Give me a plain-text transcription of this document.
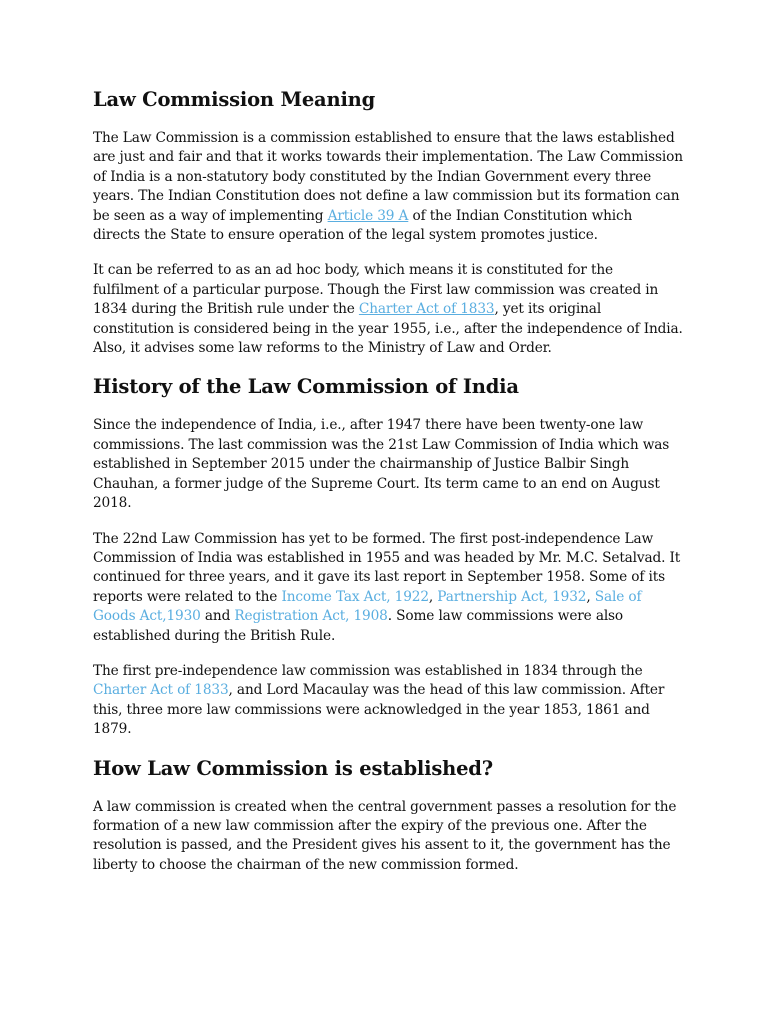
Law Commission Meaning

The Law Commission is a commission established to ensure that the laws established are just and fair and that it works towards their implementation. The Law Commission of India is a non-statutory body constituted by the Indian Government every three years. The Indian Constitution does not define a law commission but its formation can be seen as a way of implementing Article 39 A of the Indian Constitution which directs the State to ensure operation of the legal system promotes justice.

It can be referred to as an ad hoc body, which means it is constituted for the fulfilment of a particular purpose. Though the First law commission was created in 1834 during the British rule under the Charter Act of 1833, yet its original constitution is considered being in the year 1955, i.e., after the independence of India. Also, it advises some law reforms to the Ministry of Law and Order.

History of the Law Commission of India

Since the independence of India, i.e., after 1947 there have been twenty-one law commissions. The last commission was the 21st Law Commission of India which was established in September 2015 under the chairmanship of Justice Balbir Singh Chauhan, a former judge of the Supreme Court. Its term came to an end on August 2018.

The 22nd Law Commission has yet to be formed. The first post-independence Law Commission of India was established in 1955 and was headed by Mr. M.C. Setalvad. It continued for three years, and it gave its last report in September 1958. Some of its reports were related to the Income Tax Act, 1922, Partnership Act, 1932, Sale of Goods Act,1930 and Registration Act, 1908. Some law commissions were also established during the British Rule.

The first pre-independence law commission was established in 1834 through the Charter Act of 1833, and Lord Macaulay was the head of this law commission. After this, three more law commissions were acknowledged in the year 1853, 1861 and 1879.

How Law Commission is established?

A law commission is created when the central government passes a resolution for the formation of a new law commission after the expiry of the previous one. After the resolution is passed, and the President gives his assent to it, the government has the liberty to choose the chairman of the new commission formed.
